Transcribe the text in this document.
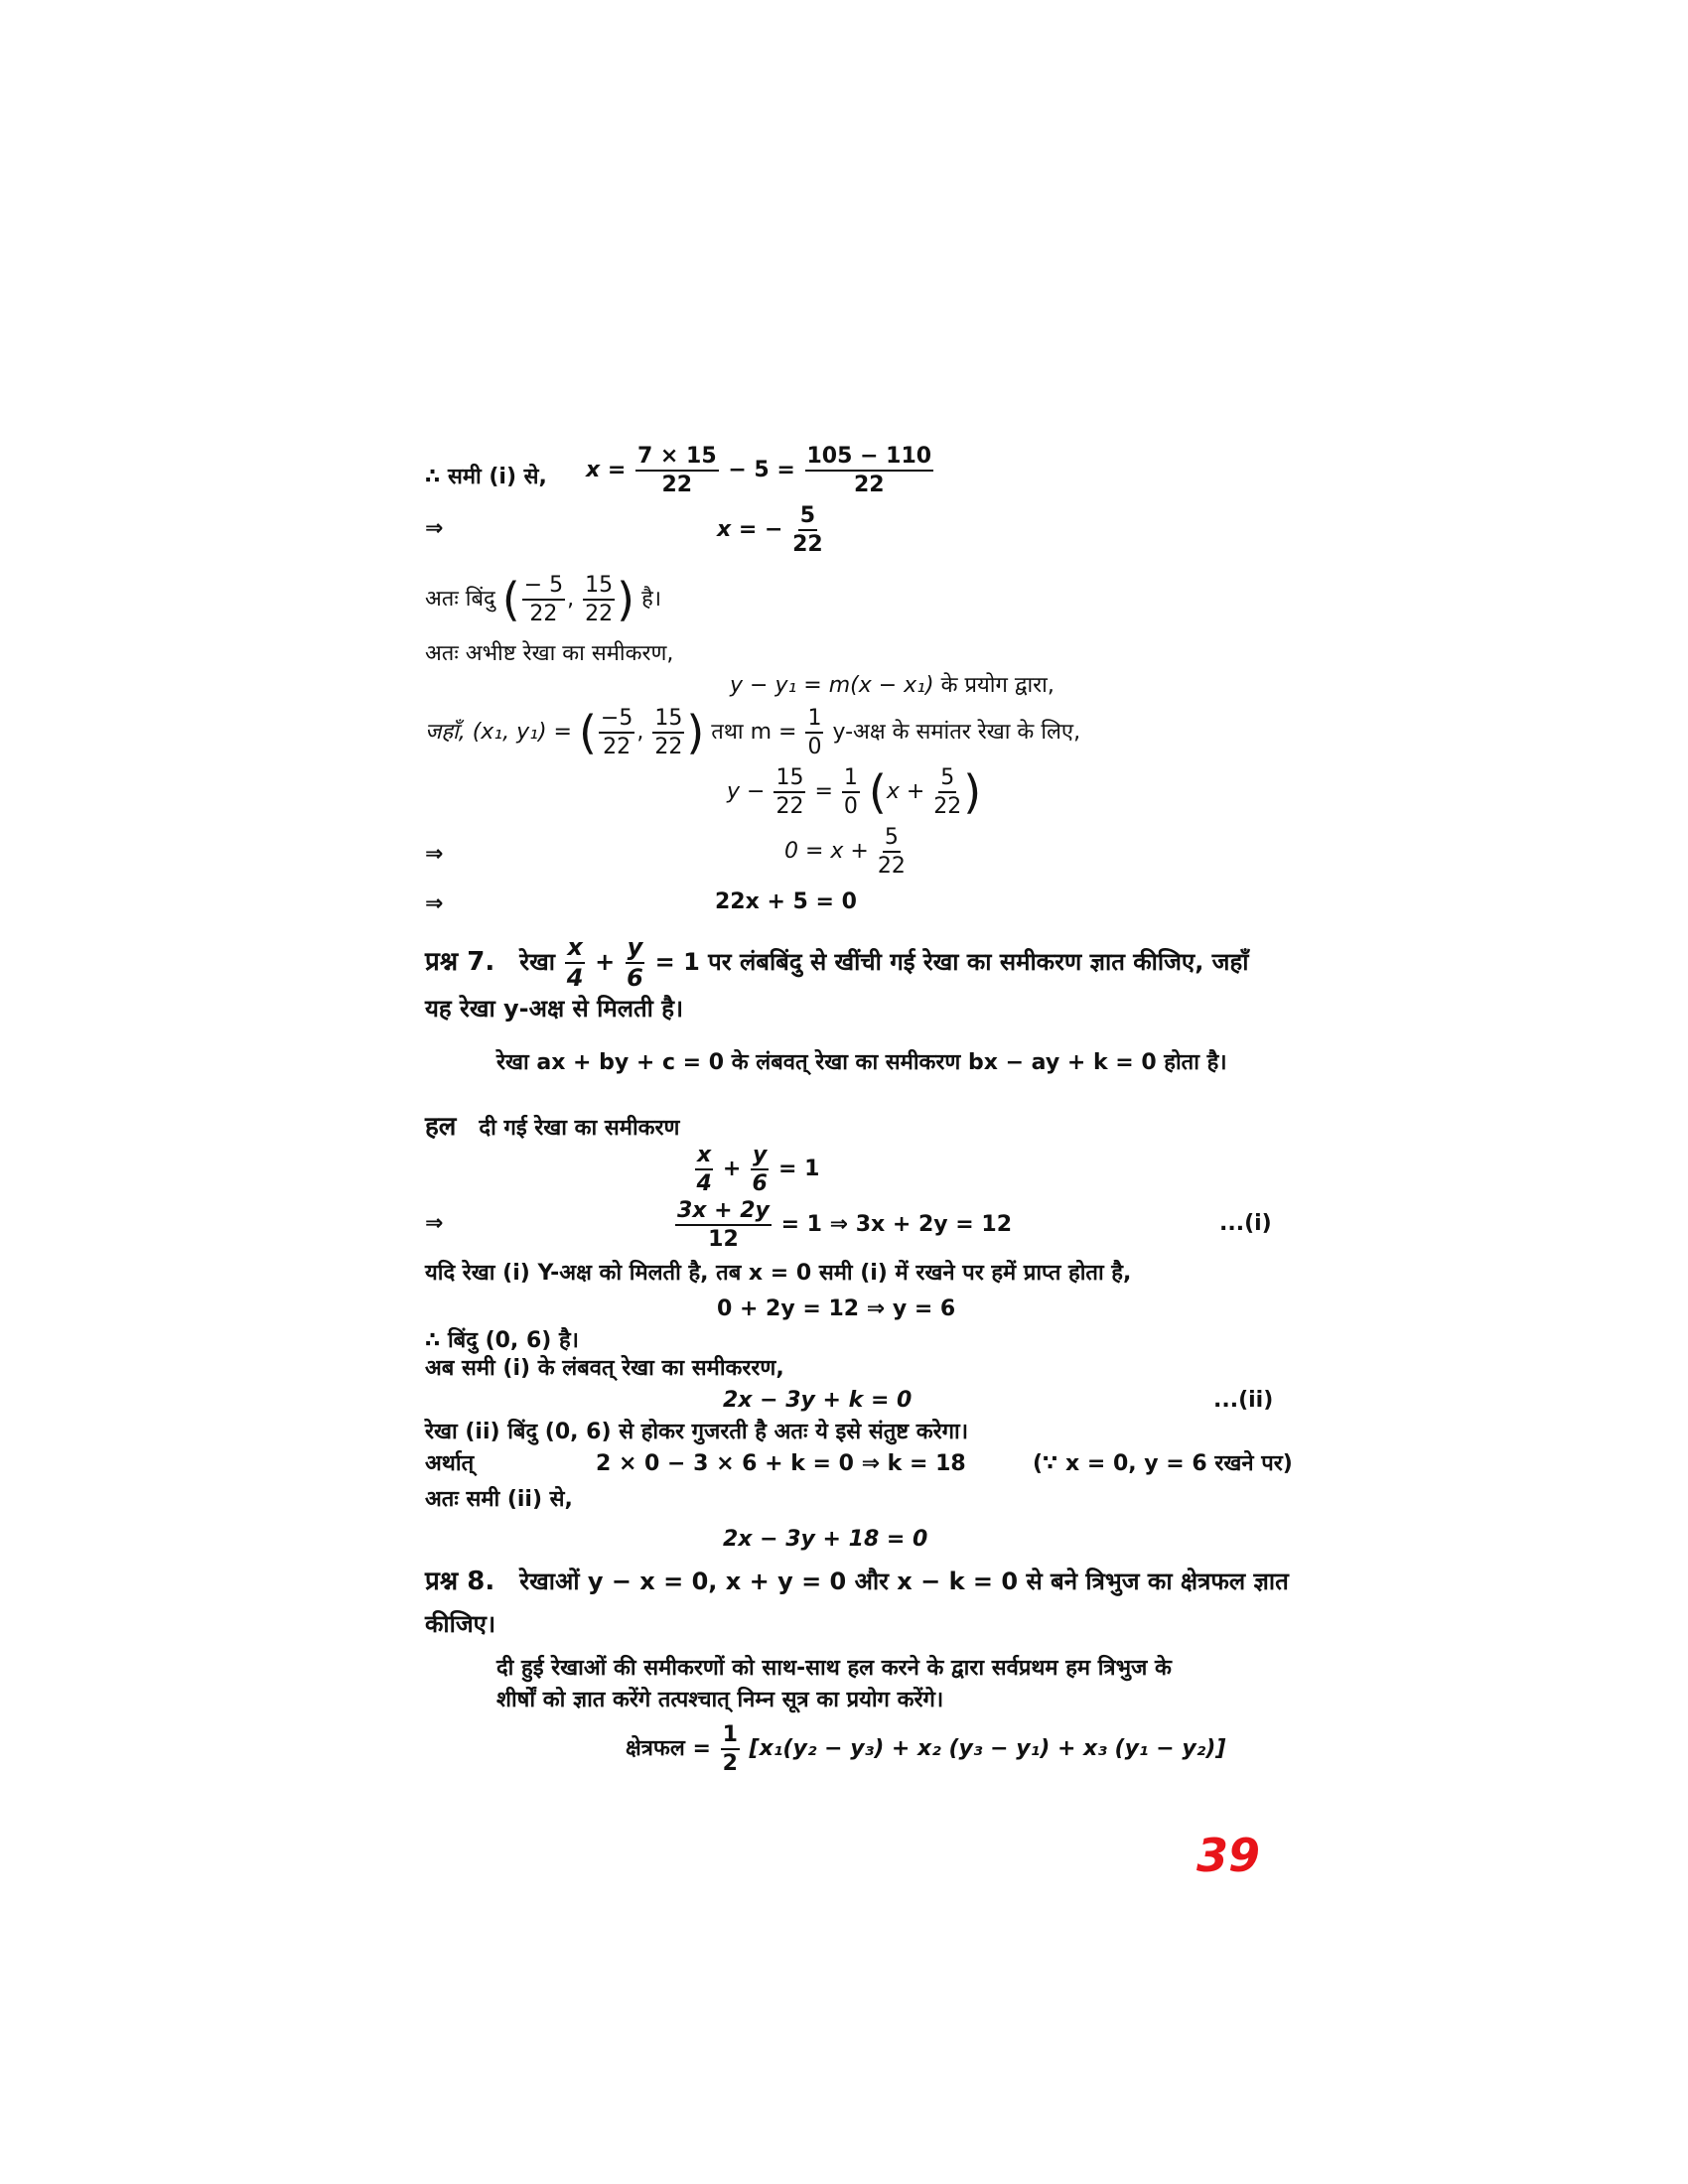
∴ समी (i) से, $x = \frac{7 \times 15}{22} - 5 = \frac{105 - 110}{22}$
⇒	x = − $\frac{5}{22}$
अतः बिंदु ( $\frac{- 5}{22}$ , $\frac{15}{22}$ ) है।
अतः अभीष्ट रेखा का समीकरण,
y − y₁ = m(x − x₁) के प्रयोग द्वारा,
जहाँ, (x₁, y₁) = ( $\frac{-5}{22}$ , $\frac{15}{22}$ ) तथा $m = \frac{1}{0}$ y-अक्ष के समांतर रेखा के लिए,
$y - \frac{15}{22} = \frac{1}{0} (x + \frac{5}{22}$ )
⇒	$0 = x + \frac{5}{22}$
⇒	22x + 5 = 0
प्रश्न 7. रेखा $\frac{x}{4} + \frac{y}{6} = 1$ पर लंबबिंदु से खींची गई रेखा का समीकरण ज्ञात कीजिए, जहाँ
यह रेखा y-अक्ष से मिलती है।
रेखा ax + by + c = 0 के लंबवत् रेखा का समीकरण bx − ay + k = 0 होता है।
हल दी गई रेखा का समीकरण
$\frac{x}{4} + \frac{y}{6} = 1$
⇒	$\frac{3x + 2y}{12} = 1$ ⇒ 3x + 2y = 12	...(i)
यदि रेखा (i) Y-अक्ष को मिलती है, तब x = 0 समी (i) में रखने पर हमें प्राप्त होता है,
0 + 2y = 12 ⇒ y = 6
∴ बिंदु (0, 6) है।
अब समी (i) के लंबवत् रेखा का समीकररण,
2x − 3y + k = 0	...(ii)
रेखा (ii) बिंदु (0, 6) से होकर गुजरती है अतः ये इसे संतुष्ट करेगा।
अर्थात्	2 × 0 − 3 × 6 + k = 0 ⇒ k = 18	(∵ x = 0, y = 6 रखने पर)
अतः समी (ii) से,
2x − 3y + 18 = 0
प्रश्न 8. रेखाओं y − x = 0, x + y = 0 और x − k = 0 से बने त्रिभुज का क्षेत्रफल ज्ञात
कीजिए।
दी हुई रेखाओं की समीकरणों को साथ-साथ हल करने के द्वारा सर्वप्रथम हम त्रिभुज के
शीर्षों को ज्ञात करेंगे तत्पश्चात् निम्न सूत्र का प्रयोग करेंगे।
क्षेत्रफल = $\frac{1}{2} [x_1(y_2 - y_3) + x_2$ (y₃ − y₁) + x₃ (y₁ − y₂)]
39
